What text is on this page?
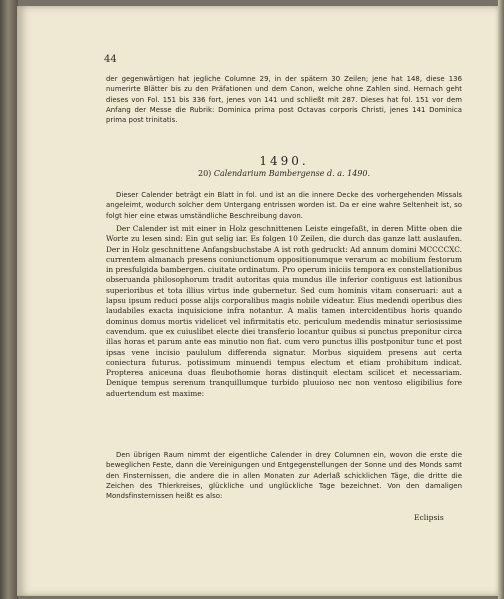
44

der gegenwärtigen hat jegliche Columne 29, in der spätern 30 Zeilen; jene hat 148, diese 136 numerirte Blätter bis zu den Präfationen und dem Canon, welche ohne Zahlen sind. Hernach geht dieses von Fol. 151 bis 336 fort, jenes von 141 und schließt mit 287. Dieses hat fol. 151 vor dem Anfang der Messe die Rubrik: Dominica prima post Octavas corporis Christi, jenes 141 Dominica prima post trinitatis.

1490.
20) Calendarium Bambergense d. a. 1490.

Dieser Calender beträgt ein Blatt in fol. und ist an die innere Decke des vorhergehenden Missals angeleimt, wodurch solcher dem Untergang entrissen worden ist. Da er eine wahre Seltenheit ist, so folgt hier eine etwas umständliche Beschreibung davon.

Der Calender ist mit einer in Holz geschnittenen Leiste eingefaßt, in deren Mitte oben die Worte zu lesen sind: Ein gut selig iar. Es folgen 10 Zeilen, die durch das ganze latt auslaufen. Der in Holz geschnittene Anfangsbuchstabe A ist roth gedruckt: Ad annum domini MCCCCXC. currentem almanach presens coniunctionum oppositionumque verarum ac mobilium festorum in presfulgida bambergen. ciuitate ordinatum. Pro operum iniciis tempora ex constellationibus obseruanda philosophorum tradit autoritas quia mundus ille inferior contiguus est lationibus superioribus et tota illius virtus inde gubernetur. Sed cum hominis vitam conseruari: aut a lapsu ipsum reduci posse alijs corporalibus magis nobile videatur. Eius medendi operibus dies laudabiles exacta inquisicione infra notantur. A malis tamen intercidentibus horis quando dominus domus mortis videlicet vel infirmitatis etc. periculum medendis minatur seriosissime cavendum. que ex cuiuslibet electe diei transferio locantur quibus si punctus preponitur circa illas horas et parum ante eas minutio non fiat. cum vero punctus illis postponitur tunc et post ipsas vene incisio paululum differenda signatur. Morbus siquidem presens aut certa coniectura futurus. potissimum minuendi tempus electum et etiam prohibitum indicat. Propterea aniceuna duas fleubothomie horas distinquit electam scilicet et necessariam. Denique tempus serenum tranquillumque turbido pluuioso nec non ventoso eligibilius fore aduertendum est maxime:

Den übrigen Raum nimmt der eigentliche Calender in drey Columnen ein, wovon die erste die beweglichen Feste, dann die Vereinigungen und Entgegenstellungen der Sonne und des Monds samt den Finsternissen, die andere die in allen Monaten zur Aderlaß schicklichen Täge, die dritte die Zeichen des Thierkreises, glückliche und unglückliche Tage bezeichnet. Von den damaligen Mondsfinsternissen heißt es also:

Eclipsis
